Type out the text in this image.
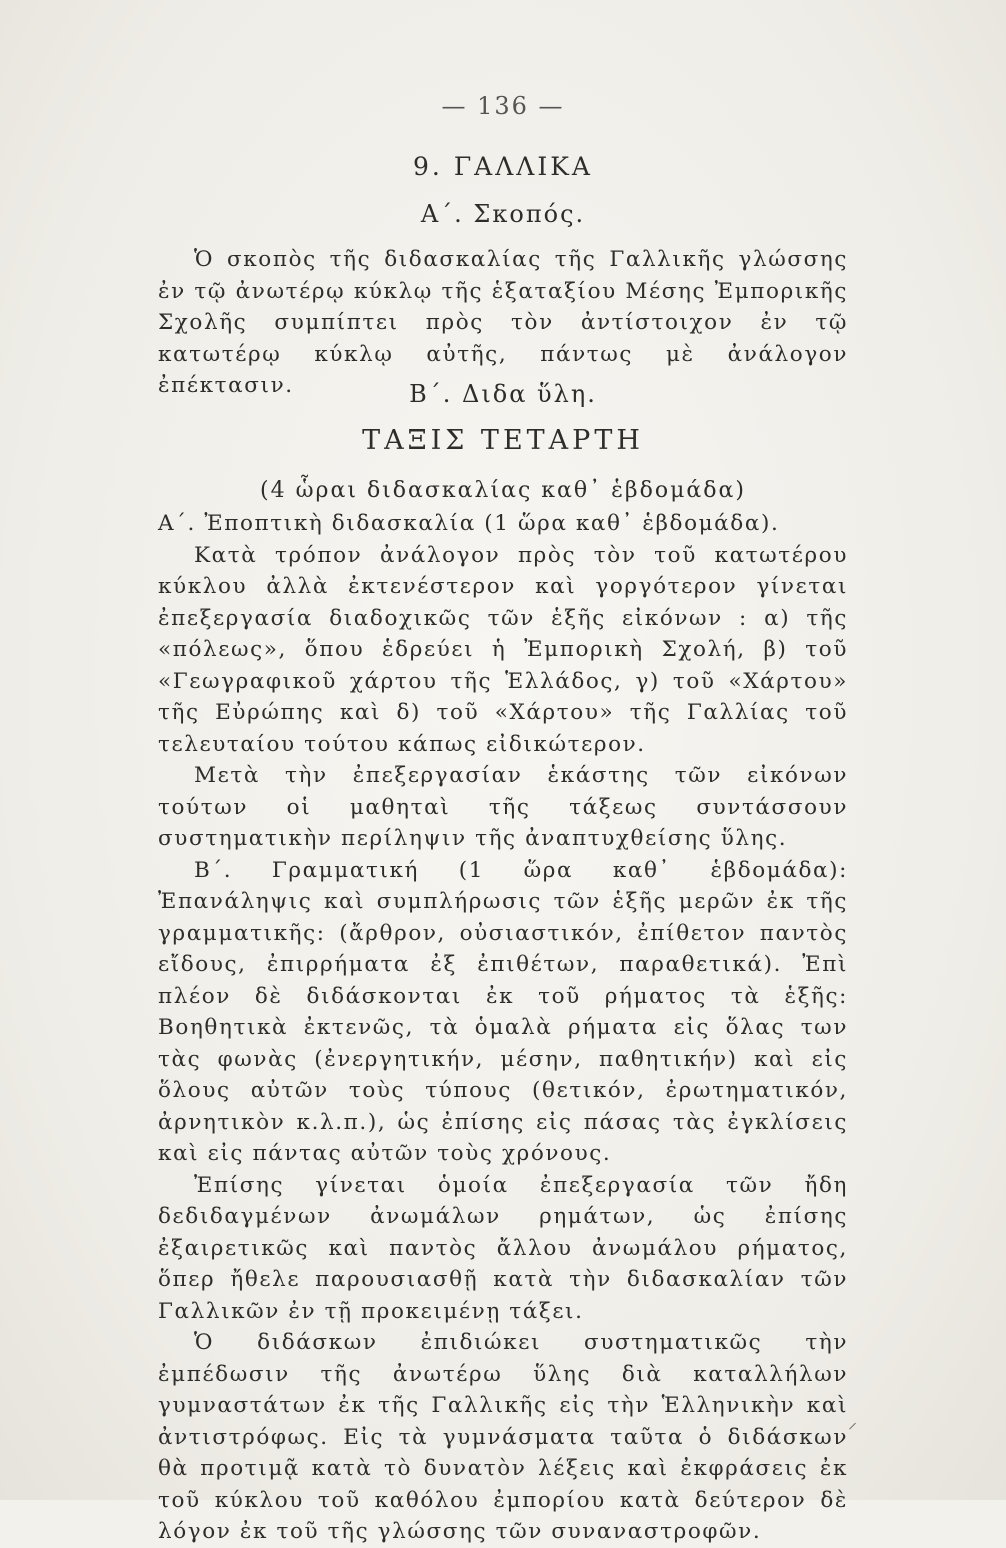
— 136 —
9. ΓΑΛΛΙΚΑ
Α΄. Σκοπός.

Ὁ σκοπὸς τῆς διδασκαλίας τῆς Γαλλικῆς γλώσσης ἐν τῷ ἀνωτέρῳ κύκλῳ τῆς ἑξαταξίου Μέσης Ἐμπορικῆς Σχολῆς συμπίπτει πρὸς τὸν ἀντίστοιχον ἐν τῷ κατωτέρῳ κύκλῳ αὐτῆς, πάντως μὲ ἀνάλογον ἐπέκτασιν.	Β΄. Διδα ὕλη.
ΤΑΞΙΣ ΤΕΤΑΡΤΗ
(4 ὧραι διδασκαλίας καθ᾽ ἑβδομάδα)

Α΄. Ἐποπτικὴ διδασκαλία (1 ὥρα καθ᾽ ἑβδομάδα).

Κατὰ τρόπον ἀνάλογον πρὸς τὸν τοῦ κατωτέρου κύκλου ἀλλὰ ἐκτενέστερον καὶ γοργότερον γίνεται ἐπεξεργασία διαδοχικῶς τῶν ἑξῆς εἰκόνων : α) τῆς «πόλεως», ὅπου ἑδρεύει ἡ Ἐμπορικὴ Σχολή, β) τοῦ «Γεωγραφικοῦ χάρτου τῆς Ἑλλάδος, γ) τοῦ «Χάρτου» τῆς Εὐρώπης καὶ δ) τοῦ «Χάρτου» τῆς Γαλλίας τοῦ τελευταίου τούτου κάπως εἰδικώτερον.

Μετὰ τὴν ἐπεξεργασίαν ἑκάστης τῶν εἰκόνων τούτων οἱ μαθηταὶ τῆς τάξεως συντάσσουν συστηματικὴν περίληψιν τῆς ἀναπτυχθείσης ὕλης.

Β΄. Γραμματική (1 ὥρα καθ᾽ ἑβδομάδα): Ἐπανάληψις καὶ συμπλήρωσις τῶν ἑξῆς μερῶν ἐκ τῆς γραμματικῆς: (ἄρθρον, οὐσιαστικόν, ἐπίθετον παντὸς εἴδους, ἐπιρρήματα ἐξ ἐπιθέτων, παραθετικά). Ἐπὶ πλέον δὲ διδάσκονται ἐκ τοῦ ρήματος τὰ ἑξῆς: Βοηθητικὰ ἐκτενῶς, τὰ ὁμαλὰ ρήματα εἰς ὅλας των τὰς φωνὰς (ἐνεργητικήν, μέσην, παθητικήν) καὶ εἰς ὅλους αὐτῶν τοὺς τύπους (θετικόν, ἐρωτηματικόν, ἀρνητικὸν κ.λ.π.), ὡς ἐπίσης εἰς πάσας τὰς ἐγκλίσεις καὶ εἰς πάντας αὐτῶν τοὺς χρόνους.

Ἐπίσης γίνεται ὁμοία ἐπεξεργασία τῶν ἤδη δεδιδαγμένων ἀνωμάλων ρημάτων, ὡς ἐπίσης ἐξαιρετικῶς καὶ παντὸς ἄλλου ἀνωμάλου ρήματος, ὅπερ ἤθελε παρουσιασθῇ κατὰ τὴν διδασκαλίαν τῶν Γαλλικῶν ἐν τῇ προκειμένῃ τάξει.

Ὁ διδάσκων ἐπιδιώκει συστηματικῶς τὴν ἐμπέδωσιν τῆς ἀνωτέρω ὕλης διὰ καταλλήλων γυμναστάτων ἐκ τῆς Γαλλικῆς εἰς τὴν Ἑλληνικὴν καὶ ἀντιστρόφως. Εἰς τὰ γυμνάσματα ταῦτα ὁ διδάσκων θὰ προτιμᾷ κατὰ τὸ δυνατὸν λέξεις καὶ ἐκφράσεις ἐκ τοῦ κύκλου τοῦ καθόλου ἐμπορίου κατὰ δεύτερον δὲ λόγον ἐκ τοῦ τῆς γλώσσης τῶν συναναστροφῶν.

⸝
